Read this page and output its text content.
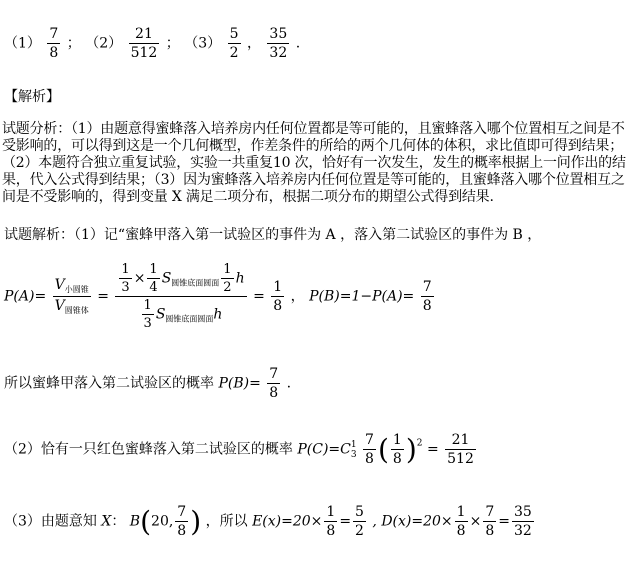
$(1) \frac{7}{8}$ ； $(2) \frac{21}{512}$ ； $(3) \frac{5}{2}$ ， $\frac{35}{32}$ .
【解析】
试题分析：（1）由题意得蜜蜂落入培养房内任何位置都是等可能的，且蜜蜂落入哪个位置相互之间是不受影响的，可以得到这是一个几何概型，作差条件的所给的两个几何体的体积，求比值即可得到结果；（2）本题符合独立重复试验，实验一共重复10 次，恰好有一次发生，发生的概率根据上一问作出的结果，代入公式得到结果；（3）因为蜜蜂落入培养房内任何位置是等可能的，且蜜蜂落入哪个位置相互之间是不受影响的，得到变量 X 满足二项分布，根据二项分布的期望公式得到结果.
试题解析：（1）记“蜜蜂甲落入第一试验区的事件为 A ，落入第二试验区的事件为 B ，
$P(A)= \frac{V_{小圆锥}}{V_{圆锥体}} = \frac{\frac{1}{3} \times \frac{1}{4} S_{圆锥底面圆面} \frac{1}{2} h}{\frac{1}{3} S_{圆锥底面圆面}h} = \frac{1}{8}$ ， $P(B)=1-P(A)= \frac{7}{8}$
所以蜜蜂甲落入第二试验区的概率 $P(B)= \frac{7}{8}$ .
（2）恰有一只红色蜜蜂落入第二试验区的概率 P(C)=C 1
3
$\frac{7}{8}$ ( $\frac{1}{8} )^2 = \frac{21}{512}$
（3）由题意知 X： B(20, $\frac{7}{8}$ ) ，所以 $E(x)=20\times \frac{1}{8} = \frac{5}{2}$ , $D(x)=20\times \frac{1}{8} \times \frac{7}{8} = \frac{35}{32}$
